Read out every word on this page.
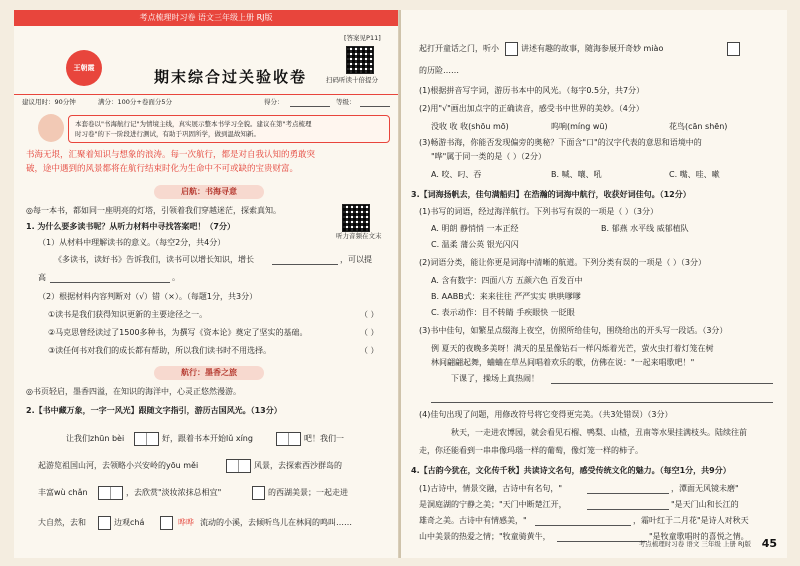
考点梳理时习卷 语文三年级上册 RJ版
王朝霞
[答案见P11]
期末综合过关验收卷	扫码听读十倍提分
建议用时：90分钟	满分：100分+卷面分5分	得分：	等级：
本套卷以"书海航行记"为情境主线，真实展示整本书学习全貌。建议在第"考点梳理
时习卷"的下一阶段进行测试，有助于巩固所学，做到温故知新。
书海无垠，汇聚着知识与想象的浪涛。每一次航行，都是对自我认知的勇敢突
破，途中遇到的风景都将在航行结束时化为生命中不可或缺的宝贵财富。
启航：书海寻意
◎每一本书，都如同一座明亮的灯塔，引领着我们穿越迷茫，探索真知。
听力音频在文末
1. 为什么要多读书呢？从听力材料中寻找答案吧！（7分）
（1）从材料中理解读书的意义。（每空2分，共4分）
《多读书，读好书》告诉我们，读书可以增长知识，增长	，可以提
高	。
（2）根据材料内容判断对（√）错（×）。（每题1分，共3分）
①读书是我们获得知识更新的主要途径之一。	（ ）
②马克思曾经读过了1500多种书，为撰写《资本论》奠定了坚实的基础。	（ ）
③读任何书对我们的成长都有帮助，所以我们读书时不用选择。	（ ）
航行：墨香之旅
◎书页轻启，墨香四溢，在知识的海洋中，心灵正悠然漫游。
2.【书中藏万象，一字一风光】跟随文字指引，游历古国风光。（13分）
让我们zhūn bèi	好，跟着书本开始lǔ xíng	吧！我们一
起游览祖国山河，去领略小兴安岭的yōu měi	风景，去探索西沙群岛的
丰富wù chǎn	，去欣赏"淡妆浓抹总相宜"	的西湖美景；一起走进
大自然，去和	边观chá	哗哗 流动的小溪，去倾听鸟儿在林间的鸣叫……
起打开童话之门，听小	讲述有趣的故事，随海参展开奇妙 miào
的历险……
(1)根据拼音写字词，游历书本中的风光。（每字0.5分，共7分）
(2)用"√"画出加点字的正确读音，感受书中世界的美妙。（4分）
没收 收 收(shōu mō)	呜响(míng wū)	花鸟(cān shēn)
(3)畅游书海，你能否发现偏旁的奥秘？下面含"口"的汉字代表的意思和语境中的
"哗"属于同一类的是（ ）（2分）
A. 咬、叼、吞	B. 喊、嚷、吼	C. 嘴、哇、嗽
3.【词海扬帆去，佳句满船归】在浩瀚的词海中航行，收获好词佳句。（12分）
(1)书写的词语，经过海洋航行。下列书写有误的一项是（ ）（3分）
A. 明朗 静悄悄 一本正经	B. 郁燕 水平线 威郁植队
C. 温柔 蒲公英 银光闪闪
(2)词语分类，能让你更是词海中清晰的航道。下列分类有误的一项是（ ）（3分）
A. 含有数字：四面八方 五颜六色 百发百中
B. AABB式：来来往往 严严实实 哄哄嗲嗲
C. 表示动作：目不转睛 手疾眼快 一眨眼
(3)书中佳句，如繁星点缀海上夜空，仿照所给佳句，围绕给出的开头写一段话。（3分）
例 夏天的夜晚多美呀！满天的星星像钻石一样闪烁着光芒，萤火虫打着灯笼在树
林间翩翩起舞，蛐蛐在草丛间唱着欢乐的歌，仿佛在说："一起来唱歌吧！"
下课了，操场上真热闹！
(4)佳句出现了问题，用修改符号将它变得更完美。（共3处错误）（3分）
秋天，一走进农博园，就会看见石榴、鸭梨、山楂，丑南等水果挂满枝头。陆续往前
走，你还能看到一串串像玛瑙一样的葡萄，像灯笼一样的柿子。
4.【古韵今犹在，文化传千秋】共读诗文名句，感受传统文化的魅力。（每空1分，共9分）
(1)古诗中，情景交融，古诗中有名句，"	，潭面无风镜未磨"
是洞庭湖的宁静之美；"天门中断楚江开，	"是天门山和长江的
雄奇之美。古诗中有情感美，"	，霜叶红于二月花"是诗人对秋天
山中美景的热爱之情；"牧童骑黄牛，	"是牧童歌唱时的喜悦之情。
考点梳理时习卷 语文 三年级 上册 RJ版 45
